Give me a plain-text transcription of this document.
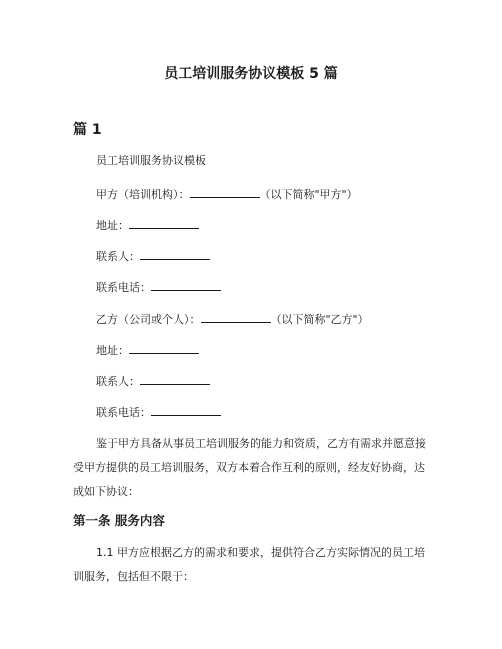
员工培训服务协议模板 5 篇
篇 1
员工培训服务协议模板
甲方（培训机构）：	（以下简称"甲方"）
地址：
联系人：
联系电话：
乙方（公司或个人）：	（以下简称"乙方"）
地址：
联系人：
联系电话：
鉴于甲方具备从事员工培训服务的能力和资质，乙方有需求并愿意接受甲方提供的员工培训服务，双方本着合作互利的原则，经友好协商，达成如下协议：
第一条 服务内容
1.1 甲方应根据乙方的需求和要求，提供符合乙方实际情况的员工培训服务，包括但不限于：
